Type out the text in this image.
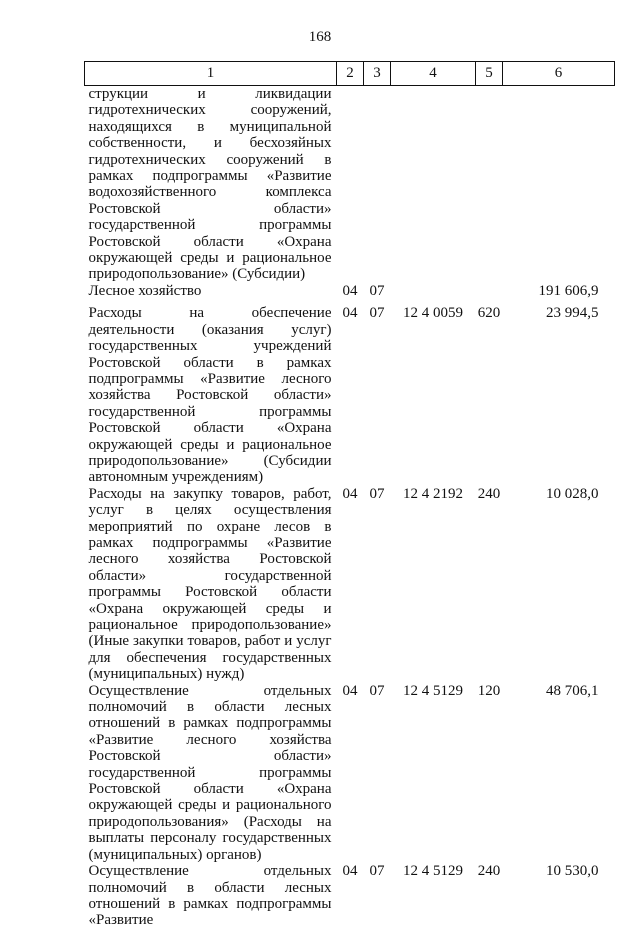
168
1	2	3	4	5	6
струкции и ликвидации гидротехнических сооружений, находящихся в муниципальной собственности, и бесхозяйных гидротехнических сооружений в рамках подпрограммы «Развитие водохозяйственного комплекса Ростовской области» государственной программы Ростовской области «Охрана окружающей среды и рациональное природопользование» (Субсидии)					
Лесное хозяйство	04	07			191 606,9
Расходы на обеспечение деятельности (оказания услуг) государственных учреждений Ростовской области в рамках подпрограммы «Развитие лесного хозяйства Ростовской области» государственной программы Ростовской области «Охрана окружающей среды и рациональное природопользование» (Субсидии автономным учреждениям)	04	07	12 4 0059	620	23 994,5
Расходы на закупку товаров, работ, услуг в целях осуществления мероприятий по охране лесов в рамках подпрограммы «Развитие лесного хозяйства Ростовской области» государственной программы Ростовской области «Охрана окружающей среды и рациональное природопользование» (Иные закупки товаров, работ и услуг для обеспечения государственных (муниципальных) нужд)	04	07	12 4 2192	240	10 028,0
Осуществление отдельных полномочий в области лесных отношений в рамках подпрограммы «Развитие лесного хозяйства Ростовской области» государственной программы Ростовской области «Охрана окружающей среды и рационального природопользования» (Расходы на выплаты персоналу государственных (муниципальных) органов)	04	07	12 4 5129	120	48 706,1
Осуществление отдельных полномочий в области лесных отношений в рамках подпрограммы «Развитие	04	07	12 4 5129	240	10 530,0
